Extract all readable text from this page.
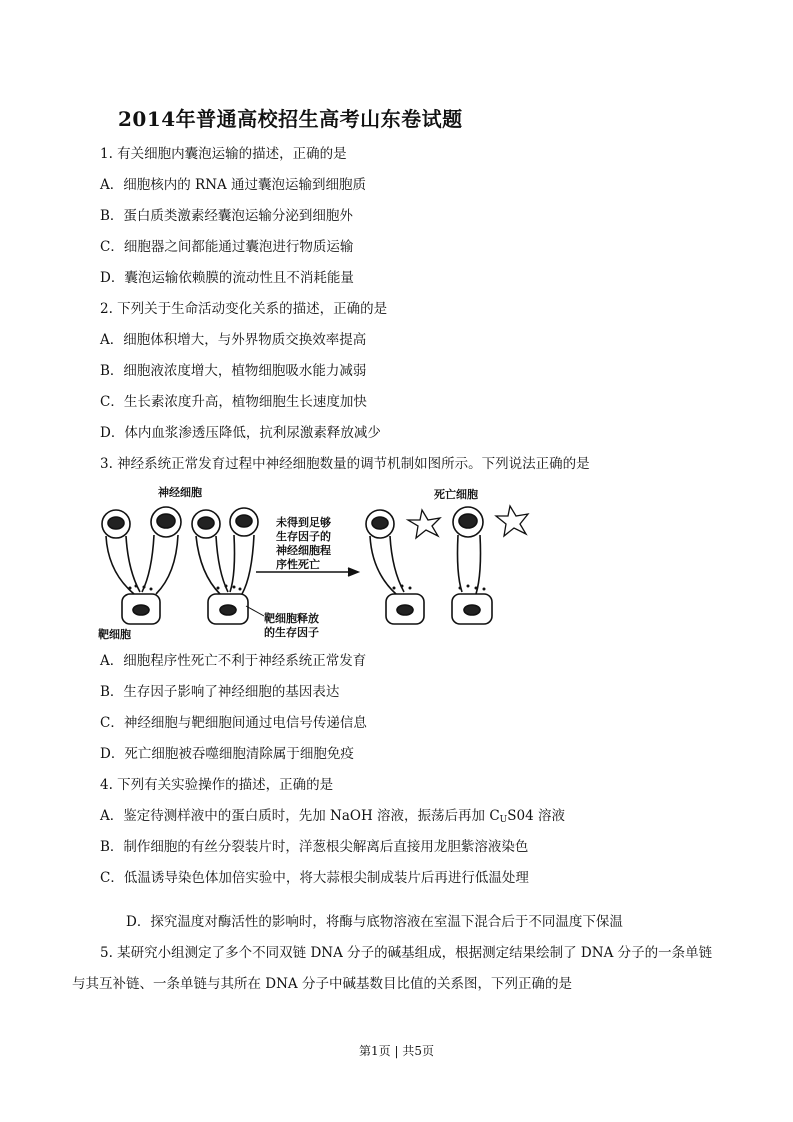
2014年普通高校招生高考山东卷试题
1. 有关细胞内囊泡运输的描述，正确的是
A．细胞核内的 RNA 通过囊泡运输到细胞质
B．蛋白质类激素经囊泡运输分泌到细胞外
C．细胞器之间都能通过囊泡进行物质运输
D．囊泡运输依赖膜的流动性且不消耗能量
2. 下列关于生命活动变化关系的描述，正确的是
A．细胞体积增大，与外界物质交换效率提高
B．细胞液浓度增大，植物细胞吸水能力减弱
C．生长素浓度升高，植物细胞生长速度加快
D．体内血浆渗透压降低，抗利尿激素释放减少
3. 神经系统正常发育过程中神经细胞数量的调节机制如图所示。下列说法正确的是
神经细胞	死亡细胞
靶细胞
未得到足够
生存因子的
神经细胞程
序性死亡
靶细胞释放
的生存因子
A．细胞程序性死亡不利于神经系统正常发育
B．生存因子影响了神经细胞的基因表达
C．神经细胞与靶细胞间通过电信号传递信息
D．死亡细胞被吞噬细胞清除属于细胞免疫
4. 下列有关实验操作的描述，正确的是
A．鉴定待测样液中的蛋白质时，先加 NaOH 溶液，振荡后再加 $C_US04$ 溶液
B．制作细胞的有丝分裂装片时，洋葱根尖解离后直接用龙胆紫溶液染色
C．低温诱导染色体加倍实验中，将大蒜根尖制成装片后再进行低温处理
D．探究温度对酶活性的影响时，将酶与底物溶液在室温下混合后于不同温度下保温
5. 某研究小组测定了多个不同双链 DNA 分子的碱基组成，根据测定结果绘制了 DNA 分子的一条单链
与其互补链、一条单链与其所在 DNA 分子中碱基数目比值的关系图，下列正确的是
第1页 | 共5页
